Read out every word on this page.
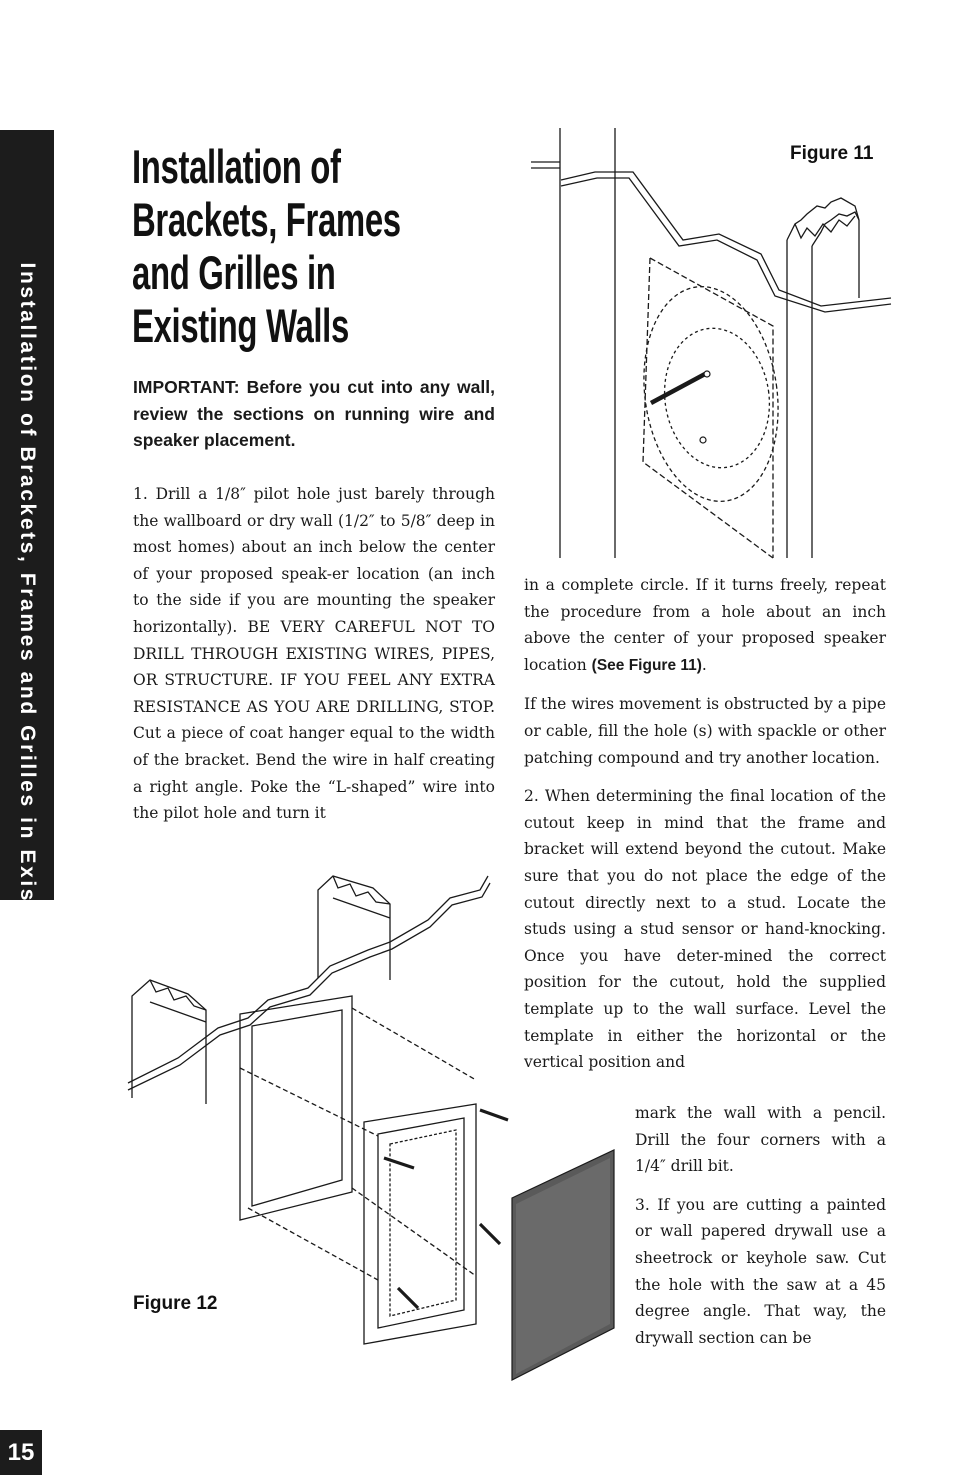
Installation of Brackets, Frames and Grilles in Existing Walls
Installation of
Brackets, Frames
and Grilles in
Existing Walls

IMPORTANT: Before you cut into any wall, review the sections on running wire and speaker placement.

1. Drill a 1/8″ pilot hole just barely through the wallboard or dry wall (1/2″ to 5/8″ deep in most homes) about an inch below the center of your proposed speak-er location (an inch to the side if you are mounting the speaker horizontally). BE VERY CAREFUL NOT TO DRILL THROUGH EXISTING WIRES, PIPES, OR STRUCTURE. IF YOU FEEL ANY EXTRA RESISTANCE AS YOU ARE DRILLING, STOP. Cut a piece of coat hanger equal to the width of the bracket. Bend the wire in half creating a right angle. Poke the “L-shaped” wire into the pilot hole and turn it

in a complete circle. If it turns freely, repeat the procedure from a hole about an inch above the center of your proposed speaker location (See Figure 11).

If the wires movement is obstructed by a pipe or cable, fill the hole (s) with spackle or other patching compound and try another location.

2. When determining the final location of the cutout keep in mind that the frame and bracket will extend beyond the cutout. Make sure that you do not place the edge of the cutout directly next to a stud. Locate the studs using a stud sensor or hand-knocking. Once you have deter-mined the correct position for the cutout, hold the supplied template up to the wall surface. Level the template in either the horizontal or the vertical position and

mark the wall with a pencil. Drill the four corners with a 1/4″ drill bit.

3. If you are cutting a painted or wall papered drywall use a sheetrock or keyhole saw. Cut the hole with the saw at a 45 degree angle. That way, the drywall section can be

Figure 11
Figure 12
15
